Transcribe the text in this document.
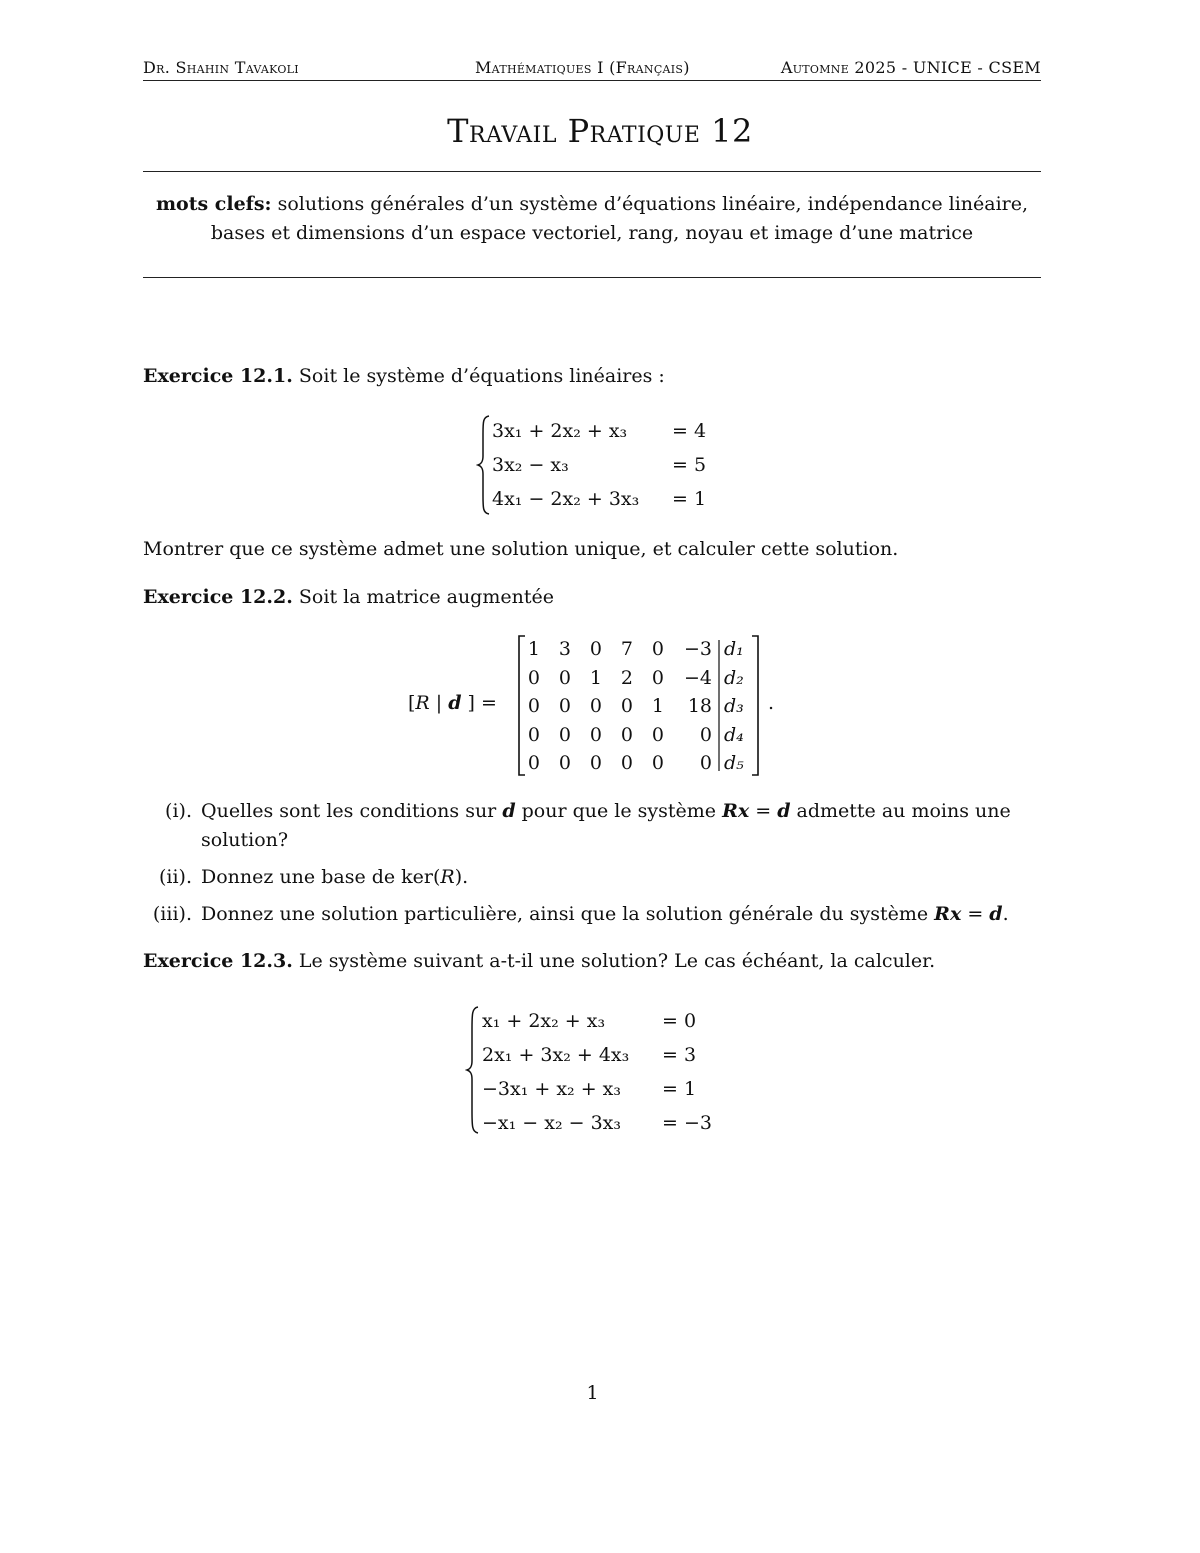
Dr. Shahin Tavakoli	Mathématiques I (Français)	Automne 2025 - UNICE - CSEM
Travail Pratique 12
mots clefs: solutions générales d’un système d’équations linéaire, indépendance linéaire, bases et dimensions d’un espace vectoriel, rang, noyau et image d’une matrice
Exercice 12.1. Soit le système d’équations linéaires :
3x₁ + 2x₂ + x₃ = 4
3x₂ − x₃	= 5
4x₁ − 2x₂ + 3x₃ = 1
Montrer que ce système admet une solution unique, et calculer cette solution.
Exercice 12.2. Soit la matrice augmentée
[R | d ] =
1 3 0 7 0 −3 d₁
0 0 1 2 0 −4 d₂
0 0 0 0 1	18 d₃
0 0 0 0 0	0 d₄
0 0 0 0 0	0 d₅
.
(i). Quelles sont les conditions sur d pour que le système Rx = d admette au moins une solution?
(ii). Donnez une base de ker(R).
(iii). Donnez une solution particulière, ainsi que la solution générale du système Rx = d.
Exercice 12.3. Le système suivant a-t-il une solution? Le cas échéant, la calculer.
x₁ + 2x₂ + x₃	= 0
2x₁ + 3x₂ + 4x₃ = 3
−3x₁ + x₂ + x₃ = 1
−x₁ − x₂ − 3x₃ = −3
1
